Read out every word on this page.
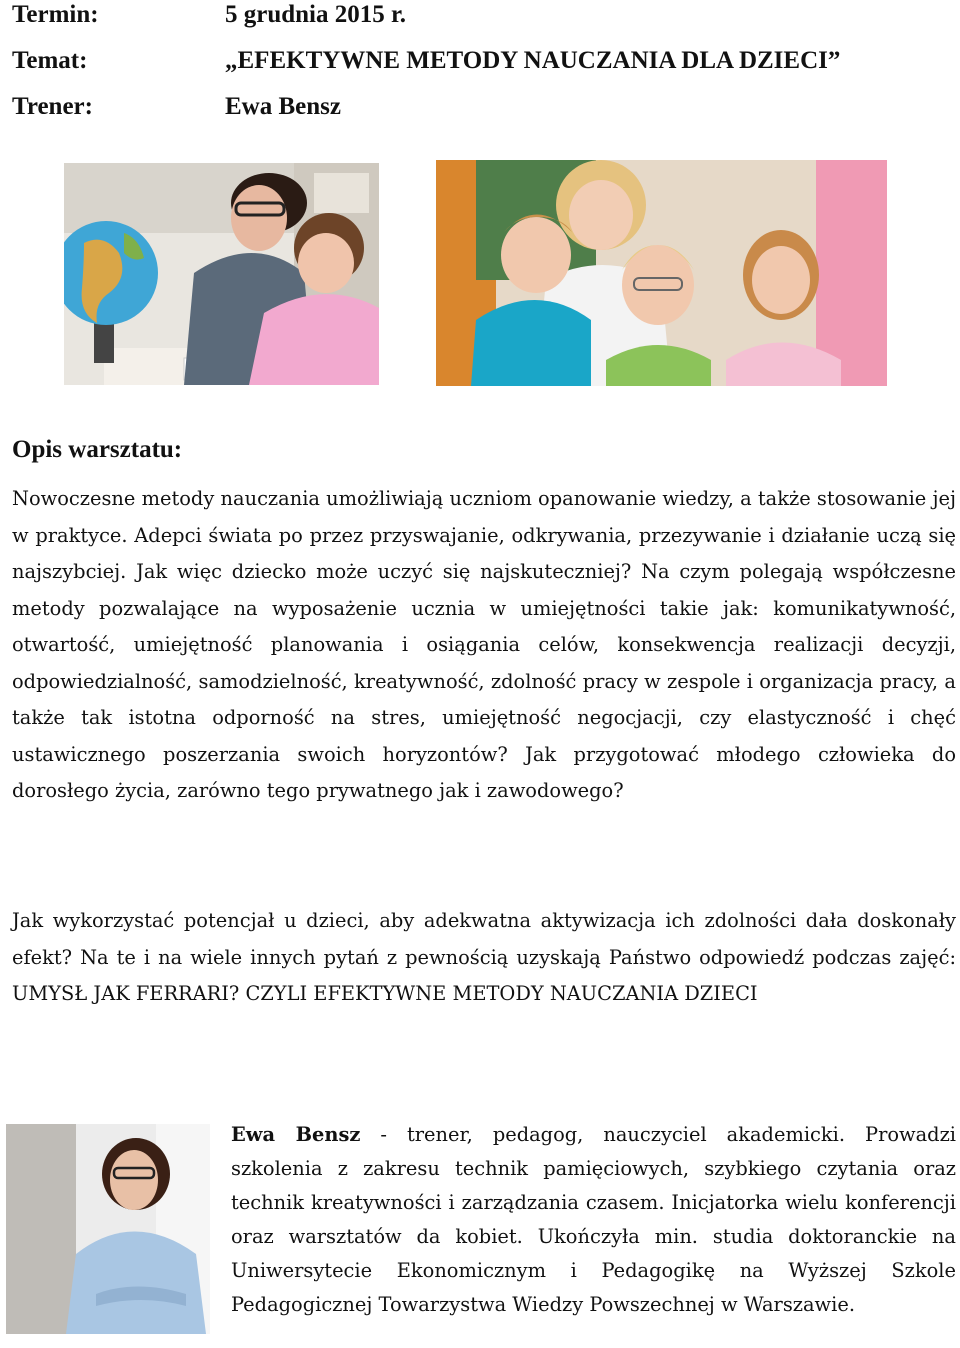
Termin:	5 grudnia 2015 r.
Temat:	„EFEKTYWNE METODY NAUCZANIA DLA DZIECI”
Trener:	Ewa Bensz
Opis warsztatu:

Nowoczesne metody nauczania umożliwiają uczniom opanowanie wiedzy, a także stosowanie jej w praktyce. Adepci świata po przez przyswajanie, odkrywania, przezywanie i działanie uczą się najszybciej. Jak więc dziecko może uczyć się najskuteczniej? Na czym polegają współczesne metody pozwalające na wyposażenie ucznia w umiejętności takie jak: komunikatywność, otwartość, umiejętność planowania i osiągania celów, konsekwencja realizacji decyzji, odpowiedzialność, samodzielność, kreatywność, zdolność pracy w zespole i organizacja pracy, a także tak istotna odporność na stres, umiejętność negocjacji, czy elastyczność i chęć ustawicznego poszerzania swoich horyzontów? Jak przygotować młodego człowieka do dorosłego życia, zarówno tego prywatnego jak i zawodowego?

Jak wykorzystać potencjał u dzieci, aby adekwatna aktywizacja ich zdolności dała doskonały efekt? Na te i na wiele innych pytań z pewnością uzyskają Państwo odpowiedź podczas zajęć: UMYSŁ JAK FERRARI? CZYLI EFEKTYWNE METODY NAUCZANIA DZIECI

Ewa Bensz - trener, pedagog, nauczyciel akademicki. Prowadzi szkolenia z zakresu technik pamięciowych, szybkiego czytania oraz technik kreatywności i zarządzania czasem. Inicjatorka wielu konferencji oraz warsztatów da kobiet. Ukończyła min. studia doktoranckie na Uniwersytecie Ekonomicznym i Pedagogikę na Wyższej Szkole Pedagogicznej Towarzystwa Wiedzy Powszechnej w Warszawie.
